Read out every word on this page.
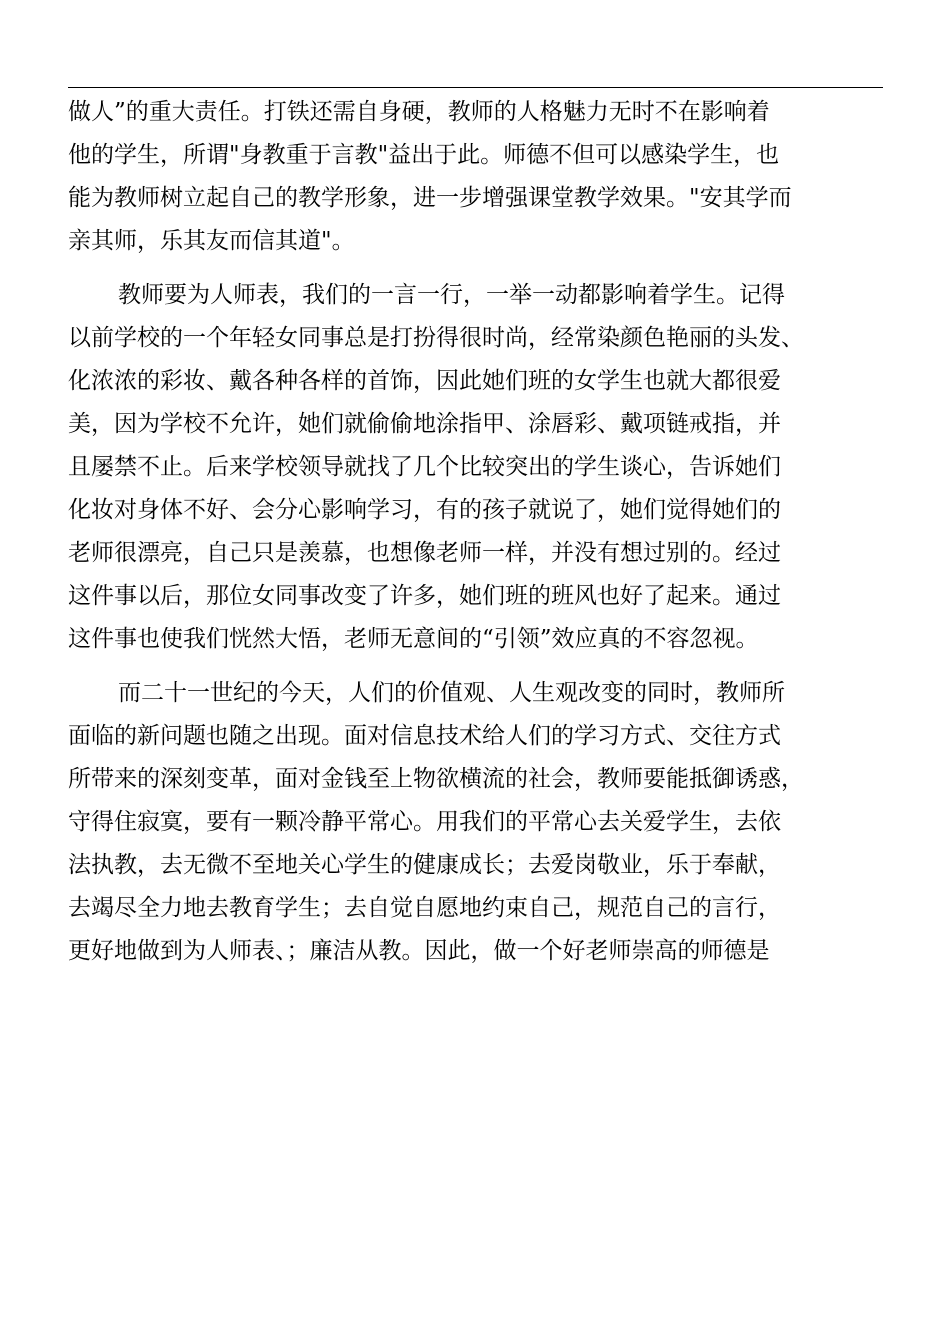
做人”的重大责任。打铁还需自身硬，教师的人格魅力无时不在影响着
他的学生，所谓"身教重于言教"益出于此。师德不但可以感染学生，也
能为教师树立起自己的教学形象，进一步增强课堂教学效果。"安其学而
亲其师，乐其友而信其道"。
教师要为人师表，我们的一言一行，一举一动都影响着学生。记得
以前学校的一个年轻女同事总是打扮得很时尚，经常染颜色艳丽的头发、
化浓浓的彩妆、戴各种各样的首饰，因此她们班的女学生也就大都很爱
美，因为学校不允许，她们就偷偷地涂指甲、涂唇彩、戴项链戒指，并
且屡禁不止。后来学校领导就找了几个比较突出的学生谈心，告诉她们
化妆对身体不好、会分心影响学习，有的孩子就说了，她们觉得她们的
老师很漂亮，自己只是羡慕，也想像老师一样，并没有想过别的。经过
这件事以后，那位女同事改变了许多，她们班的班风也好了起来。通过
这件事也使我们恍然大悟，老师无意间的“引领”效应真的不容忽视。
而二十一世纪的今天，人们的价值观、人生观改变的同时，教师所
面临的新问题也随之出现。面对信息技术给人们的学习方式、交往方式
所带来的深刻变革，面对金钱至上物欲横流的社会，教师要能抵御诱惑，
守得住寂寞，要有一颗冷静平常心。用我们的平常心去关爱学生，去依
法执教，去无微不至地关心学生的健康成长；去爱岗敬业，乐于奉献，
去竭尽全力地去教育学生；去自觉自愿地约束自己，规范自己的言行，
更好地做到为人师表、；廉洁从教。因此，做一个好老师崇高的师德是
